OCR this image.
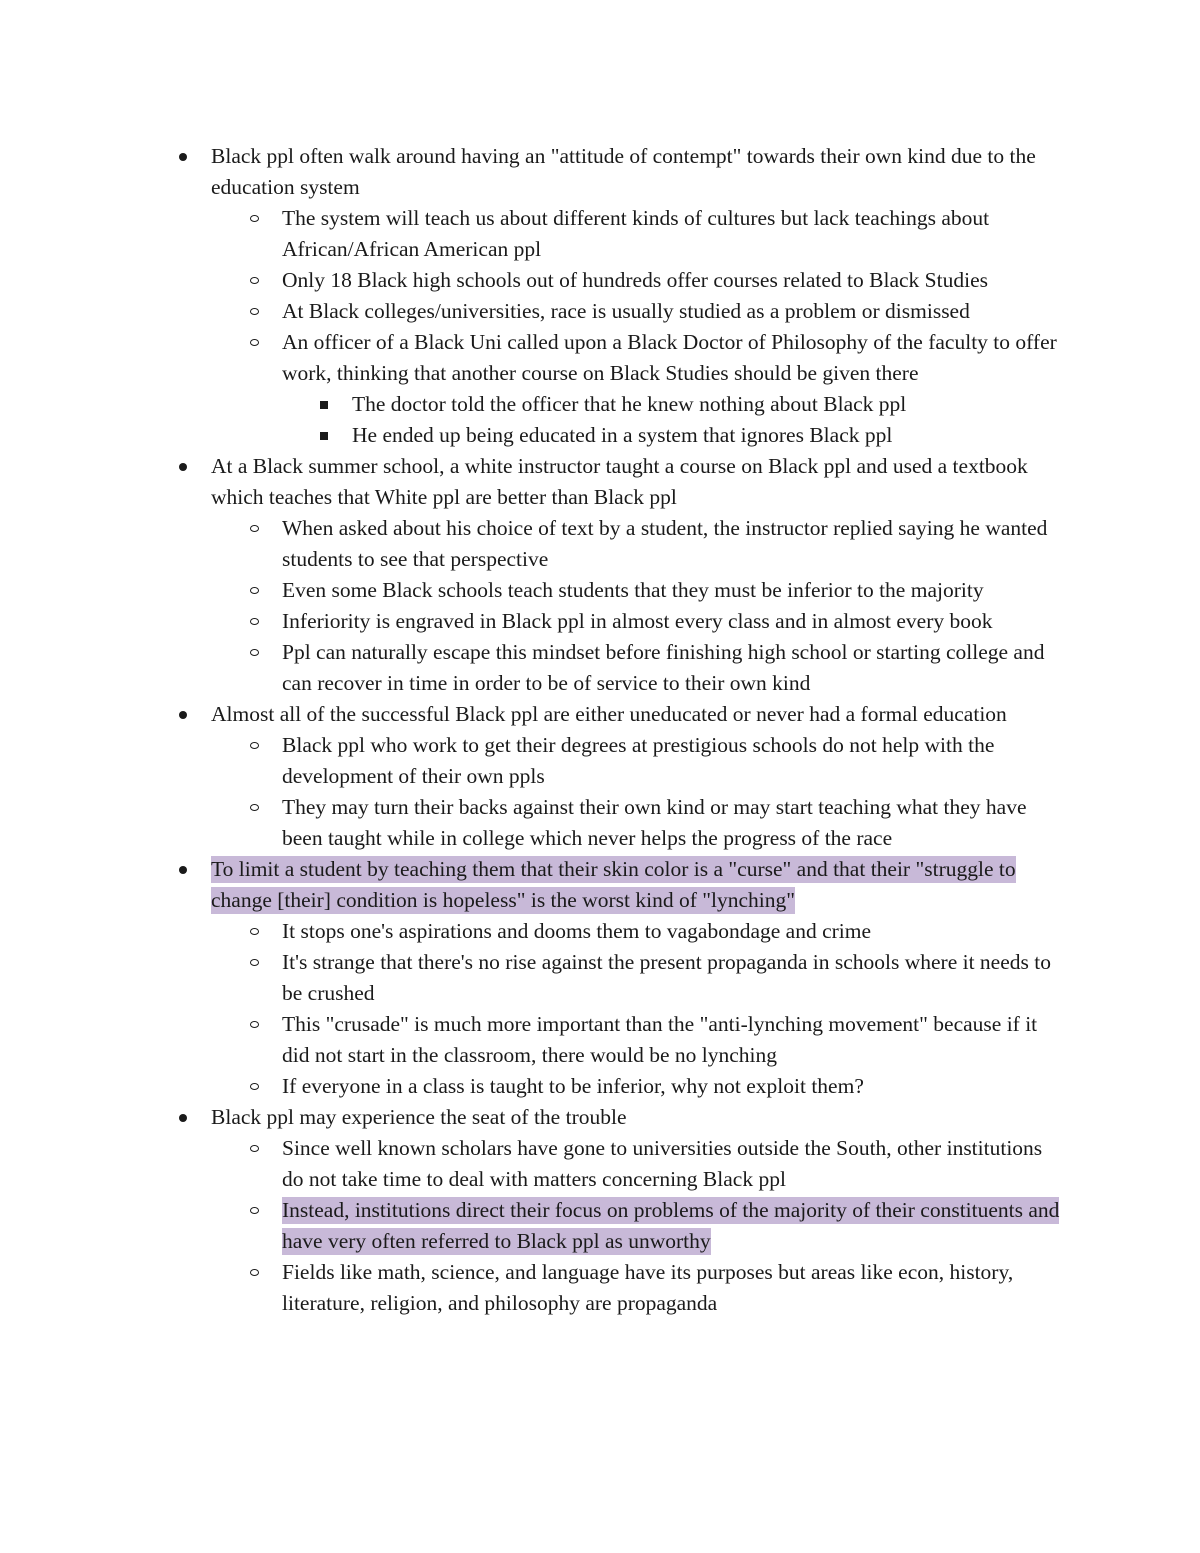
Black ppl often walk around having an "attitude of contempt" towards their own kind due to the education system
The system will teach us about different kinds of cultures but lack teachings about African/African American ppl
Only 18 Black high schools out of hundreds offer courses related to Black Studies
At Black colleges/universities, race is usually studied as a problem or dismissed
An officer of a Black Uni called upon a Black Doctor of Philosophy of the faculty to offer work, thinking that another course on Black Studies should be given there
The doctor told the officer that he knew nothing about Black ppl
He ended up being educated in a system that ignores Black ppl
At a Black summer school, a white instructor taught a course on Black ppl and used a textbook which teaches that White ppl are better than Black ppl
When asked about his choice of text by a student, the instructor replied saying he wanted students to see that perspective
Even some Black schools teach students that they must be inferior to the majority
Inferiority is engraved in Black ppl in almost every class and in almost every book
Ppl can naturally escape this mindset before finishing high school or starting college and can recover in time in order to be of service to their own kind
Almost all of the successful Black ppl are either uneducated or never had a formal education
Black ppl who work to get their degrees at prestigious schools do not help with the development of their own ppls
They may turn their backs against their own kind or may start teaching what they have been taught while in college which never helps the progress of the race
To limit a student by teaching them that their skin color is a "curse" and that their "struggle to change [their] condition is hopeless" is the worst kind of "lynching"
It stops one's aspirations and dooms them to vagabondage and crime
It's strange that there's no rise against the present propaganda in schools where it needs to be crushed
This "crusade" is much more important than the "anti-lynching movement" because if it did not start in the classroom, there would be no lynching
If everyone in a class is taught to be inferior, why not exploit them?
Black ppl may experience the seat of the trouble
Since well known scholars have gone to universities outside the South, other institutions do not take time to deal with matters concerning Black ppl
Instead, institutions direct their focus on problems of the majority of their constituents and have very often referred to Black ppl as unworthy
Fields like math, science, and language have its purposes but areas like econ, history, literature, religion, and philosophy are propaganda
